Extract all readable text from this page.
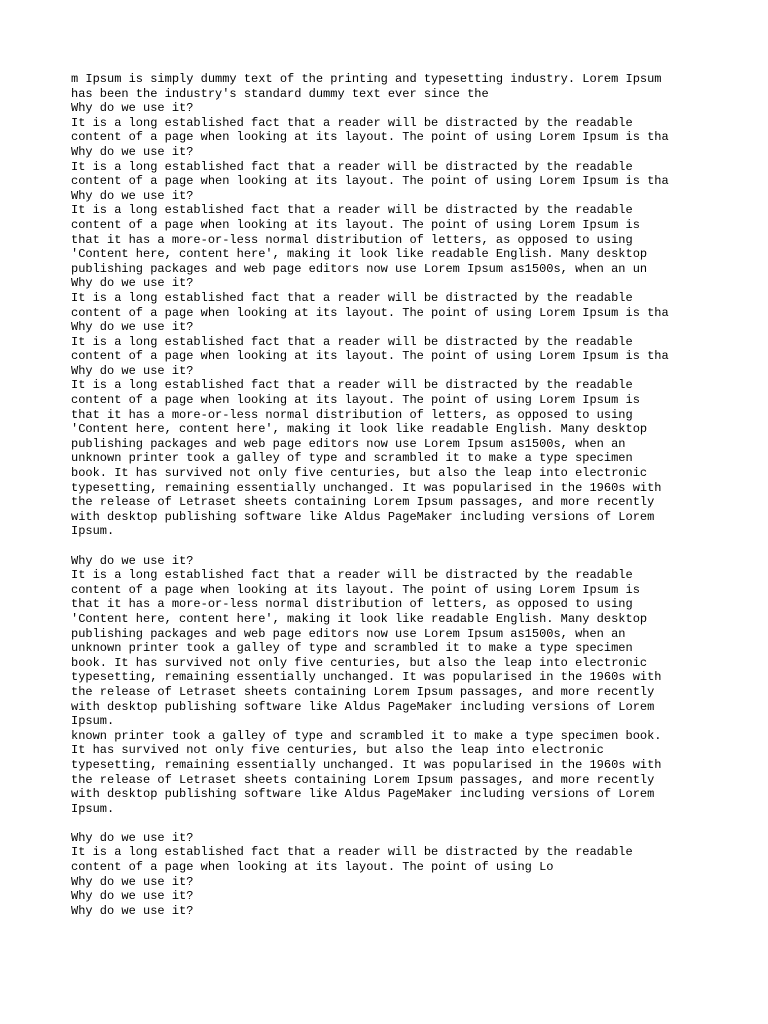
m Ipsum is simply dummy text of the printing and typesetting industry. Lorem Ipsum
has been the industry's standard dummy text ever since the
Why do we use it?
It is a long established fact that a reader will be distracted by the readable
content of a page when looking at its layout. The point of using Lorem Ipsum is tha
Why do we use it?
It is a long established fact that a reader will be distracted by the readable
content of a page when looking at its layout. The point of using Lorem Ipsum is tha
Why do we use it?
It is a long established fact that a reader will be distracted by the readable
content of a page when looking at its layout. The point of using Lorem Ipsum is
that it has a more-or-less normal distribution of letters, as opposed to using
'Content here, content here', making it look like readable English. Many desktop
publishing packages and web page editors now use Lorem Ipsum as1500s, when an un
Why do we use it?
It is a long established fact that a reader will be distracted by the readable
content of a page when looking at its layout. The point of using Lorem Ipsum is tha
Why do we use it?
It is a long established fact that a reader will be distracted by the readable
content of a page when looking at its layout. The point of using Lorem Ipsum is tha
Why do we use it?
It is a long established fact that a reader will be distracted by the readable
content of a page when looking at its layout. The point of using Lorem Ipsum is
that it has a more-or-less normal distribution of letters, as opposed to using
'Content here, content here', making it look like readable English. Many desktop
publishing packages and web page editors now use Lorem Ipsum as1500s, when an
unknown printer took a galley of type and scrambled it to make a type specimen
book. It has survived not only five centuries, but also the leap into electronic
typesetting, remaining essentially unchanged. It was popularised in the 1960s with
the release of Letraset sheets containing Lorem Ipsum passages, and more recently
with desktop publishing software like Aldus PageMaker including versions of Lorem
Ipsum.

Why do we use it?
It is a long established fact that a reader will be distracted by the readable
content of a page when looking at its layout. The point of using Lorem Ipsum is
that it has a more-or-less normal distribution of letters, as opposed to using
'Content here, content here', making it look like readable English. Many desktop
publishing packages and web page editors now use Lorem Ipsum as1500s, when an
unknown printer took a galley of type and scrambled it to make a type specimen
book. It has survived not only five centuries, but also the leap into electronic
typesetting, remaining essentially unchanged. It was popularised in the 1960s with
the release of Letraset sheets containing Lorem Ipsum passages, and more recently
with desktop publishing software like Aldus PageMaker including versions of Lorem
Ipsum.
known printer took a galley of type and scrambled it to make a type specimen book.
It has survived not only five centuries, but also the leap into electronic
typesetting, remaining essentially unchanged. It was popularised in the 1960s with
the release of Letraset sheets containing Lorem Ipsum passages, and more recently
with desktop publishing software like Aldus PageMaker including versions of Lorem
Ipsum.

Why do we use it?
It is a long established fact that a reader will be distracted by the readable
content of a page when looking at its layout. The point of using Lo
Why do we use it?
Why do we use it?
Why do we use it?
